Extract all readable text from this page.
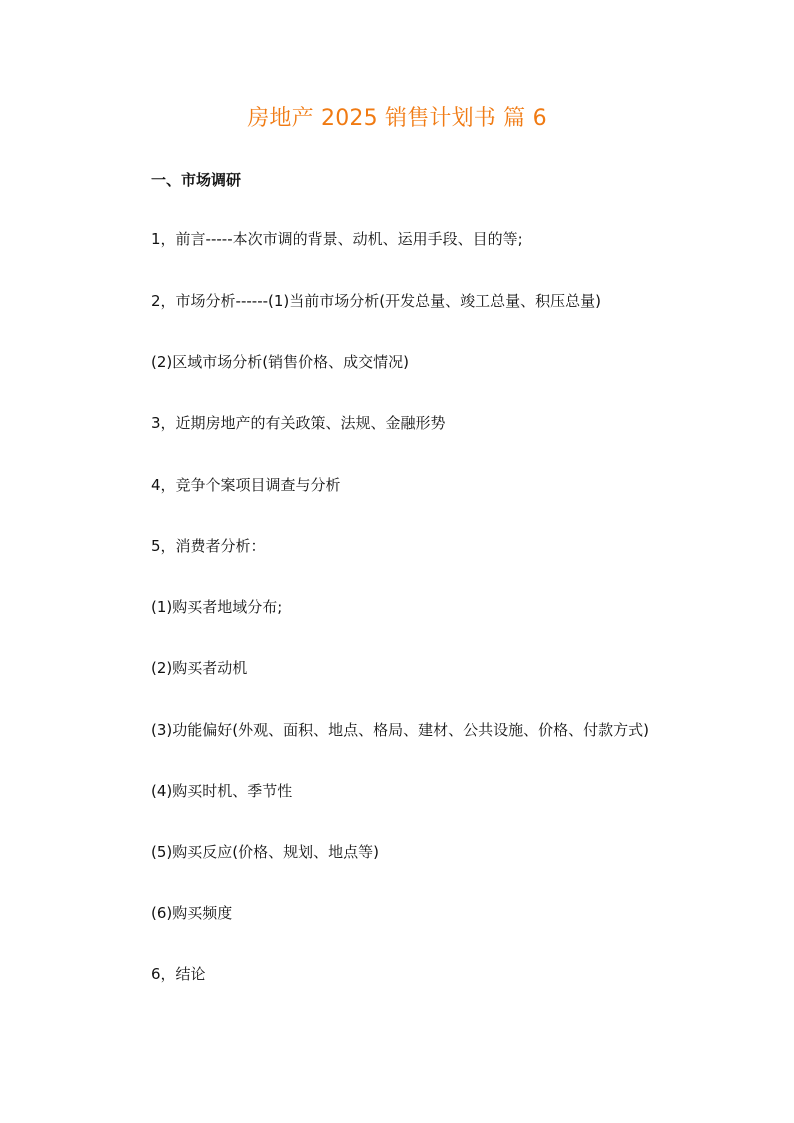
房地产 2025 销售计划书 篇 6
一、市场调研
1，前言-----本次市调的背景、动机、运用手段、目的等;
2，市场分析------(1)当前市场分析(开发总量、竣工总量、积压总量)
(2)区域市场分析(销售价格、成交情况)
3，近期房地产的有关政策、法规、金融形势
4，竞争个案项目调查与分析
5，消费者分析：
(1)购买者地域分布;
(2)购买者动机
(3)功能偏好(外观、面积、地点、格局、建材、公共设施、价格、付款方式)
(4)购买时机、季节性
(5)购买反应(价格、规划、地点等)
(6)购买频度
6，结论
